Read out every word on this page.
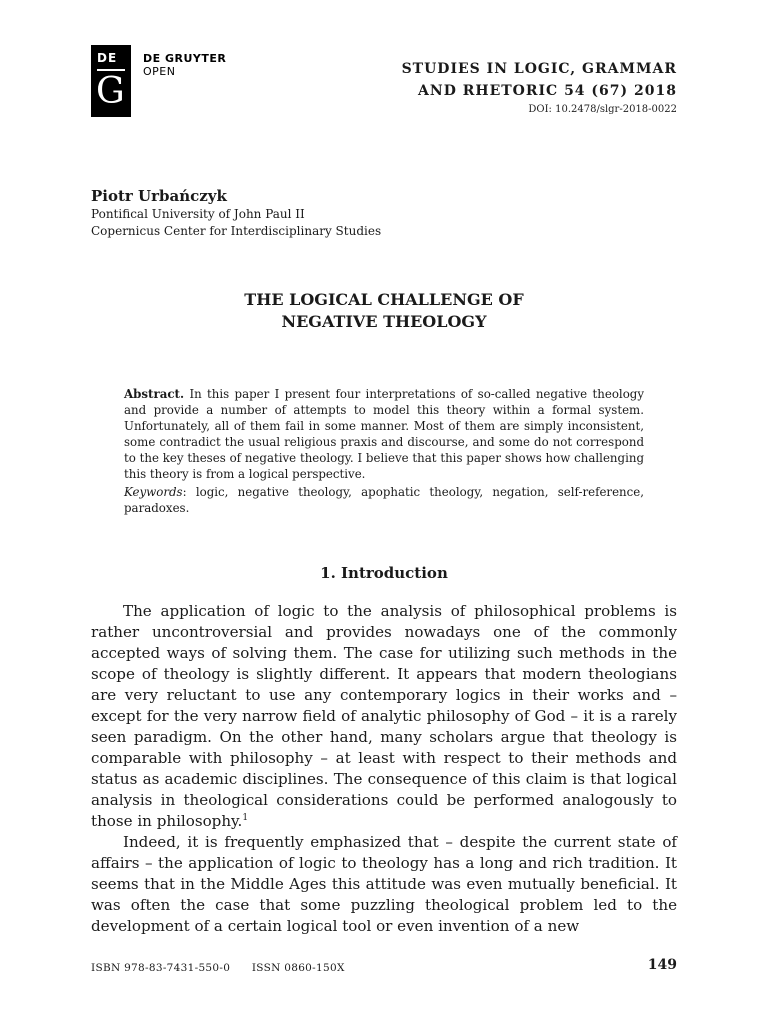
DE
G
DE GRUYTER
OPEN	STUDIES IN LOGIC, GRAMMAR
AND RHETORIC 54 (67) 2018
DOI: 10.2478/slgr-2018-0022
Piotr Urbańczyk
Pontifical University of John Paul II
Copernicus Center for Interdisciplinary Studies
THE LOGICAL CHALLENGE OF
NEGATIVE THEOLOGY
Abstract. In this paper I present four interpretations of so-called negative theology and provide a number of attempts to model this theory within a formal system. Unfortunately, all of them fail in some manner. Most of them are simply inconsistent, some contradict the usual religious praxis and discourse, and some do not correspond to the key theses of negative theology. I believe that this paper shows how challenging this theory is from a logical perspective.
Keywords: logic, negative theology, apophatic theology, negation, self-reference, paradoxes.
1. Introduction

The application of logic to the analysis of philosophical problems is rather uncontroversial and provides nowadays one of the commonly accepted ways of solving them. The case for utilizing such methods in the scope of theology is slightly different. It appears that modern theologians are very reluctant to use any contemporary logics in their works and – except for the very narrow field of analytic philosophy of God – it is a rarely seen paradigm. On the other hand, many scholars argue that theology is comparable with philosophy – at least with respect to their methods and status as academic disciplines. The consequence of this claim is that logical analysis in theological considerations could be performed analogously to those in philosophy.$^1$

Indeed, it is frequently emphasized that – despite the current state of affairs – the application of logic to theology has a long and rich tradition. It seems that in the Middle Ages this attitude was even mutually beneficial. It was often the case that some puzzling theological problem led to the development of a certain logical tool or even invention of a new

ISBN 978-83-7431-550-0 ISSN 0860-150X	149
